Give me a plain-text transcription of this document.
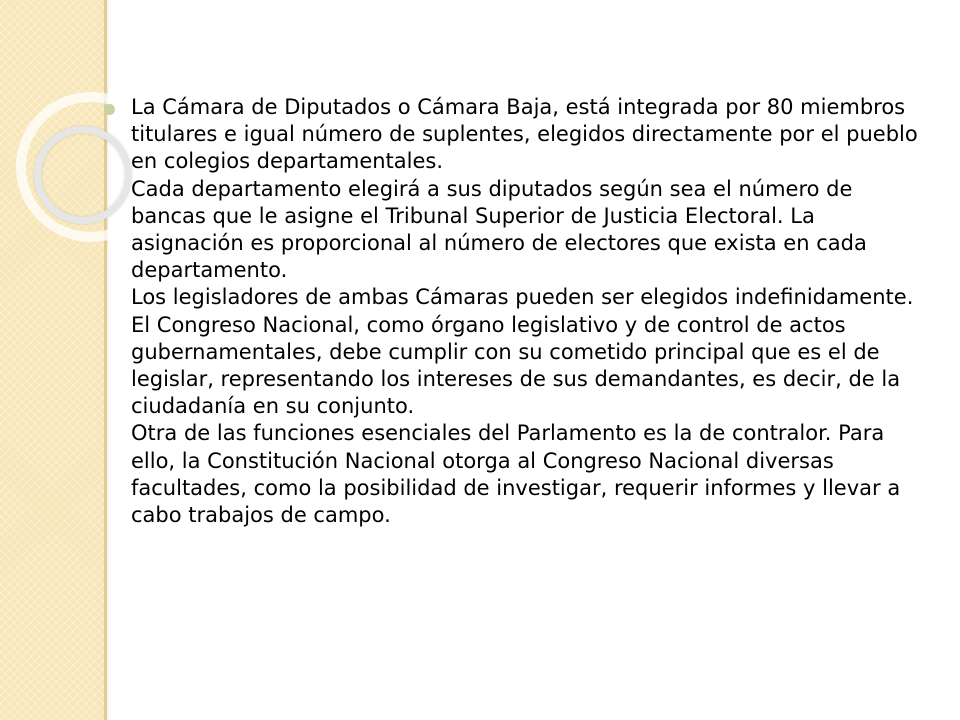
La Cámara de Diputados o Cámara Baja, está integrada por 80 miembros titulares e igual número de suplentes, elegidos directamente por el pueblo en colegios departamentales.

Cada departamento elegirá a sus diputados según sea el número de bancas que le asigne el Tribunal Superior de Justicia Electoral. La asignación es proporcional al número de electores que exista en cada departamento.

Los legisladores de ambas Cámaras pueden ser elegidos indefinidamente.

El Congreso Nacional, como órgano legislativo y de control de actos gubernamentales, debe cumplir con su cometido principal que es el de legislar, representando los intereses de sus demandantes, es decir, de la ciudadanía en su conjunto.

Otra de las funciones esenciales del Parlamento es la de contralor. Para ello, la Constitución Nacional otorga al Congreso Nacional diversas facultades, como la posibilidad de investigar, requerir informes y llevar a cabo trabajos de campo.
